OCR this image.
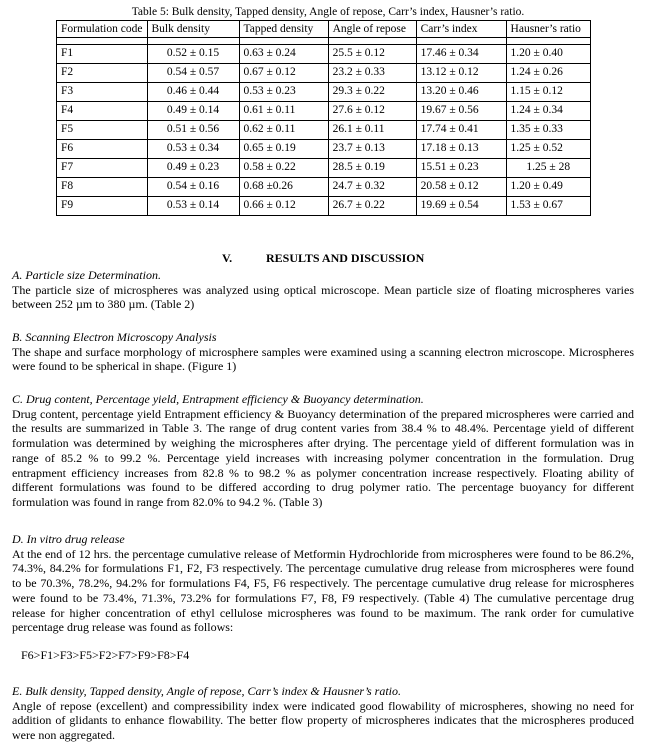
Table 5: Bulk density, Tapped density, Angle of repose, Carr’s index, Hausner’s ratio.
Formulation code	Bulk density	Tapped density	Angle of repose	Carr’s index	Hausner’s ratio

F1	0.52 ± 0.15	0.63 ± 0.24	25.5 ± 0.12	17.46 ± 0.34	1.20 ± 0.40
F2	0.54 ± 0.57	0.67 ± 0.12	23.2 ± 0.33	13.12 ± 0.12	1.24 ± 0.26
F3	0.46 ± 0.44	0.53 ± 0.23	29.3 ± 0.22	13.20 ± 0.46	1.15 ± 0.12
F4	0.49 ± 0.14	0.61 ± 0.11	27.6 ± 0.12	19.67 ± 0.56	1.24 ± 0.34
F5	0.51 ± 0.56	0.62 ± 0.11	26.1 ± 0.11	17.74 ± 0.41	1.35 ± 0.33
F6	0.53 ± 0.34	0.65 ± 0.19	23.7 ± 0.13	17.18 ± 0.13	1.25 ± 0.52
F7	0.49 ± 0.23	0.58 ± 0.22	28.5 ± 0.19	15.51 ± 0.23	1.25 ± 28
F8	0.54 ± 0.16	0.68 ±0.26	24.7 ± 0.32	20.58 ± 0.12	1.20 ± 0.49
F9	0.53 ± 0.14	0.66 ± 0.12	26.7 ± 0.22	19.69 ± 0.54	1.53 ± 0.67
V.	RESULTS AND DISCUSSION

A. Particle size Determination.

The particle size of microspheres was analyzed using optical microscope. Mean particle size of floating microspheres varies between 252 µm to 380 µm. (Table 2)

B. Scanning Electron Microscopy Analysis

The shape and surface morphology of microsphere samples were examined using a scanning electron microscope. Microspheres were found to be spherical in shape. (Figure 1)

C. Drug content, Percentage yield, Entrapment efficiency & Buoyancy determination.

Drug content, percentage yield Entrapment efficiency & Buoyancy determination of the prepared microspheres were carried and the results are summarized in Table 3. The range of drug content varies from 38.4 % to 48.4%. Percentage yield of different formulation was determined by weighing the microspheres after drying. The percentage yield of different formulation was in range of 85.2 % to 99.2 %. Percentage yield increases with increasing polymer concentration in the formulation. Drug entrapment efficiency increases from 82.8 % to 98.2 % as polymer concentration increase respectively. Floating ability of different formulations was found to be differed according to drug polymer ratio. The percentage buoyancy for different formulation was found in range from 82.0% to 94.2 %. (Table 3)

D. In vitro drug release

At the end of 12 hrs. the percentage cumulative release of Metformin Hydrochloride from microspheres were found to be 86.2%, 74.3%, 84.2% for formulations F1, F2, F3 respectively. The percentage cumulative drug release from microspheres were found to be 70.3%, 78.2%, 94.2% for formulations F4, F5, F6 respectively. The percentage cumulative drug release for microspheres were found to be 73.4%, 71.3%, 73.2% for formulations F7, F8, F9 respectively. (Table 4) The cumulative percentage drug release for higher concentration of ethyl cellulose microspheres was found to be maximum. The rank order for cumulative percentage drug release was found as follows:

F6>F1>F3>F5>F2>F7>F9>F8>F4

E. Bulk density, Tapped density, Angle of repose, Carr’s index & Hausner’s ratio.

Angle of repose (excellent) and compressibility index were indicated good flowability of microspheres, showing no need for addition of glidants to enhance flowability. The better flow property of microspheres indicates that the microspheres produced were non aggregated.
